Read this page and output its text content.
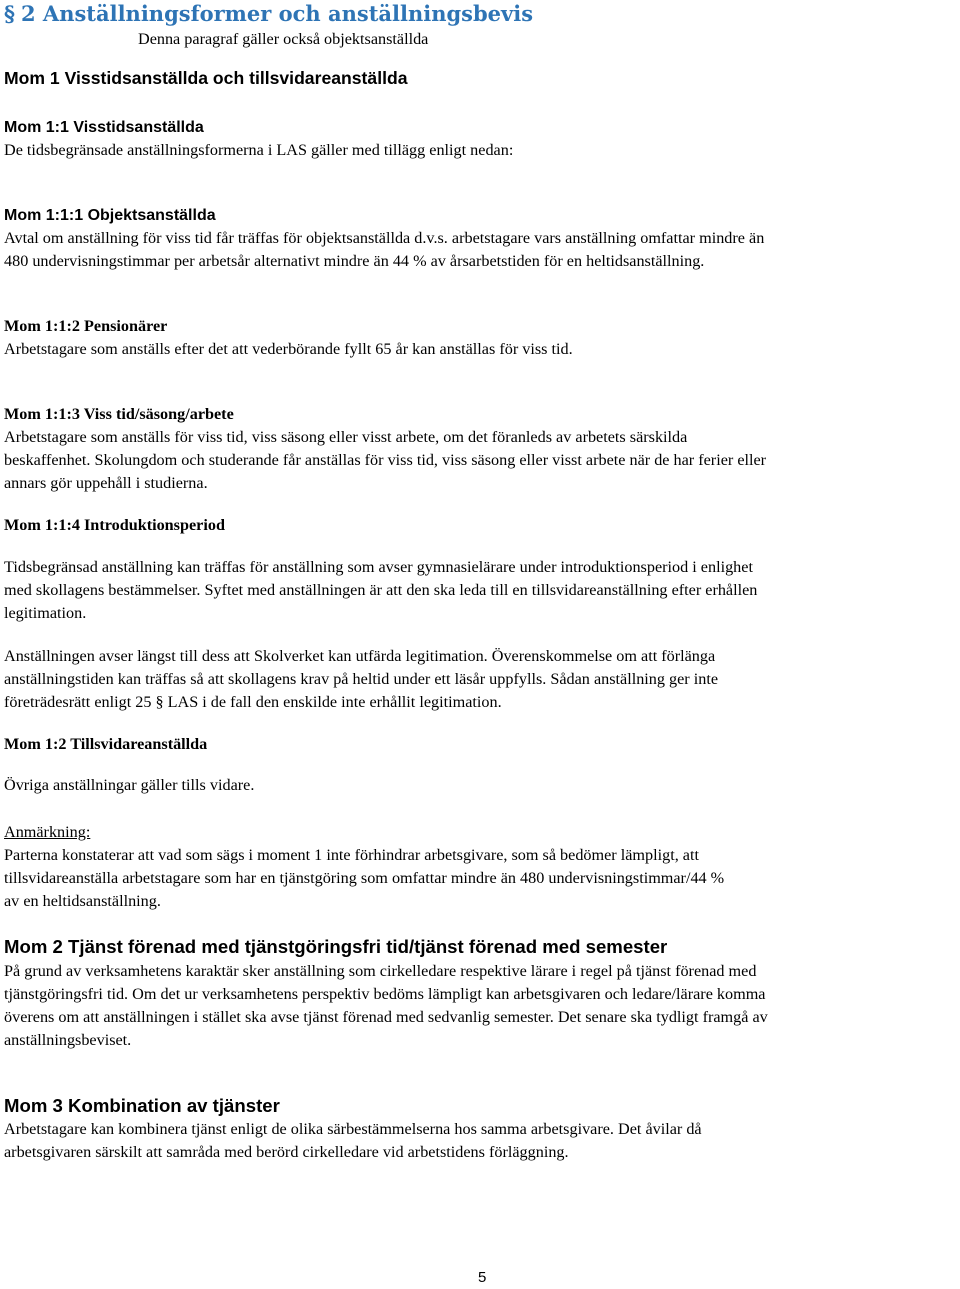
§ 2 Anställningsformer och anställningsbevis
Denna paragraf gäller också objektsanställda
Mom 1 Visstidsanställda och tillsvidareanställda
Mom 1:1 Visstidsanställda
De tidsbegränsade anställningsformerna i LAS gäller med tillägg enligt nedan:
Mom 1:1:1 Objektsanställda
Avtal om anställning för viss tid får träffas för objektsanställda d.v.s. arbetstagare vars anställning omfattar mindre än
480 undervisningstimmar per arbetsår alternativt mindre än 44 % av årsarbetstiden för en heltidsanställning.
Mom 1:1:2 Pensionärer
Arbetstagare som anställs efter det att vederbörande fyllt 65 år kan anställas för viss tid.
Mom 1:1:3 Viss tid/säsong/arbete
Arbetstagare som anställs för viss tid, viss säsong eller visst arbete, om det föranleds av arbetets särskilda
beskaffenhet. Skolungdom och studerande får anställas för viss tid, viss säsong eller visst arbete när de har ferier eller
annars gör uppehåll i studierna.
Mom 1:1:4 Introduktionsperiod
Tidsbegränsad anställning kan träffas för anställning som avser gymnasielärare under introduktionsperiod i enlighet
med skollagens bestämmelser. Syftet med anställningen är att den ska leda till en tillsvidareanställning efter erhållen
legitimation.
Anställningen avser längst till dess att Skolverket kan utfärda legitimation. Överenskommelse om att förlänga
anställningstiden kan träffas så att skollagens krav på heltid under ett läsår uppfylls. Sådan anställning ger inte
företrädesrätt enligt 25 § LAS i de fall den enskilde inte erhållit legitimation.
Mom 1:2 Tillsvidareanställda
Övriga anställningar gäller tills vidare.
Anmärkning:
Parterna konstaterar att vad som sägs i moment 1 inte förhindrar arbetsgivare, som så bedömer lämpligt, att
tillsvidareanställa arbetstagare som har en tjänstgöring som omfattar mindre än 480 undervisningstimmar/44 %
av en heltidsanställning.
Mom 2 Tjänst förenad med tjänstgöringsfri tid/tjänst förenad med semester
På grund av verksamhetens karaktär sker anställning som cirkelledare respektive lärare i regel på tjänst förenad med
tjänstgöringsfri tid. Om det ur verksamhetens perspektiv bedöms lämpligt kan arbetsgivaren och ledare/lärare komma
överens om att anställningen i stället ska avse tjänst förenad med sedvanlig semester. Det senare ska tydligt framgå av
anställningsbeviset.
Mom 3 Kombination av tjänster
Arbetstagare kan kombinera tjänst enligt de olika särbestämmelserna hos samma arbetsgivare. Det åvilar då
arbetsgivaren särskilt att samråda med berörd cirkelledare vid arbetstidens förläggning.
5
